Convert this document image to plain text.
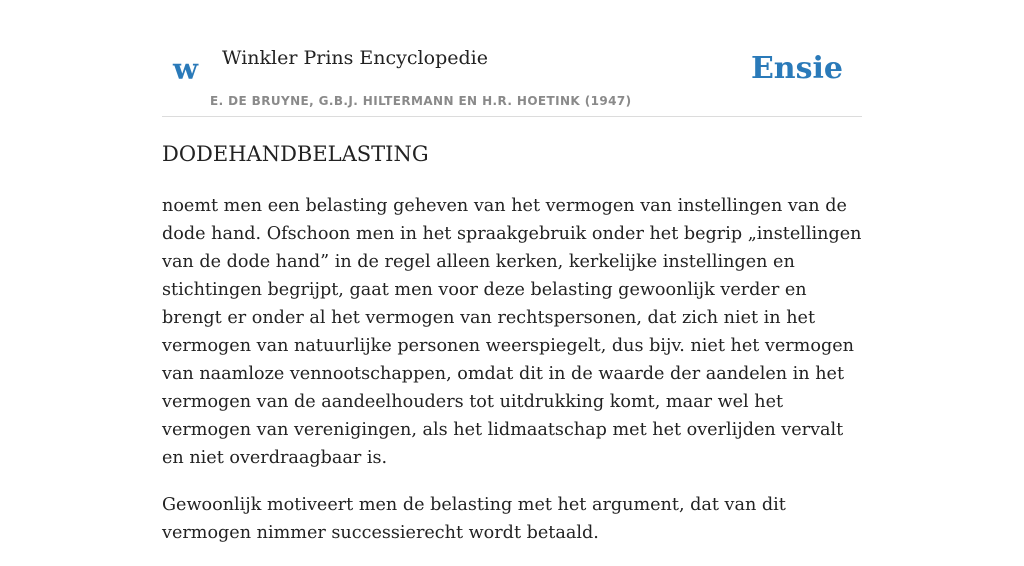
w Winkler Prins Encyclopedie	Ensie
E. DE BRUYNE, G.B.J. HILTERMANN EN H.R. HOETINK (1947)
DODEHANDBELASTING

noemt men een belasting geheven van het vermogen van instellingen van de dode hand. Ofschoon men in het spraakgebruik onder het begrip „instellingen van de dode hand” in de regel alleen kerken, kerkelijke instellingen en stichtingen begrijpt, gaat men voor deze belasting gewoonlijk verder en brengt er onder al het vermogen van rechtspersonen, dat zich niet in het vermogen van natuurlijke personen weerspiegelt, dus bijv. niet het vermogen van naamloze vennootschappen, omdat dit in de waarde der aandelen in het vermogen van de aandeelhouders tot uitdrukking komt, maar wel het vermogen van verenigingen, als het lidmaatschap met het overlijden vervalt en niet overdraagbaar is.

Gewoonlijk motiveert men de belasting met het argument, dat van dit vermogen nimmer successierecht wordt betaald.
